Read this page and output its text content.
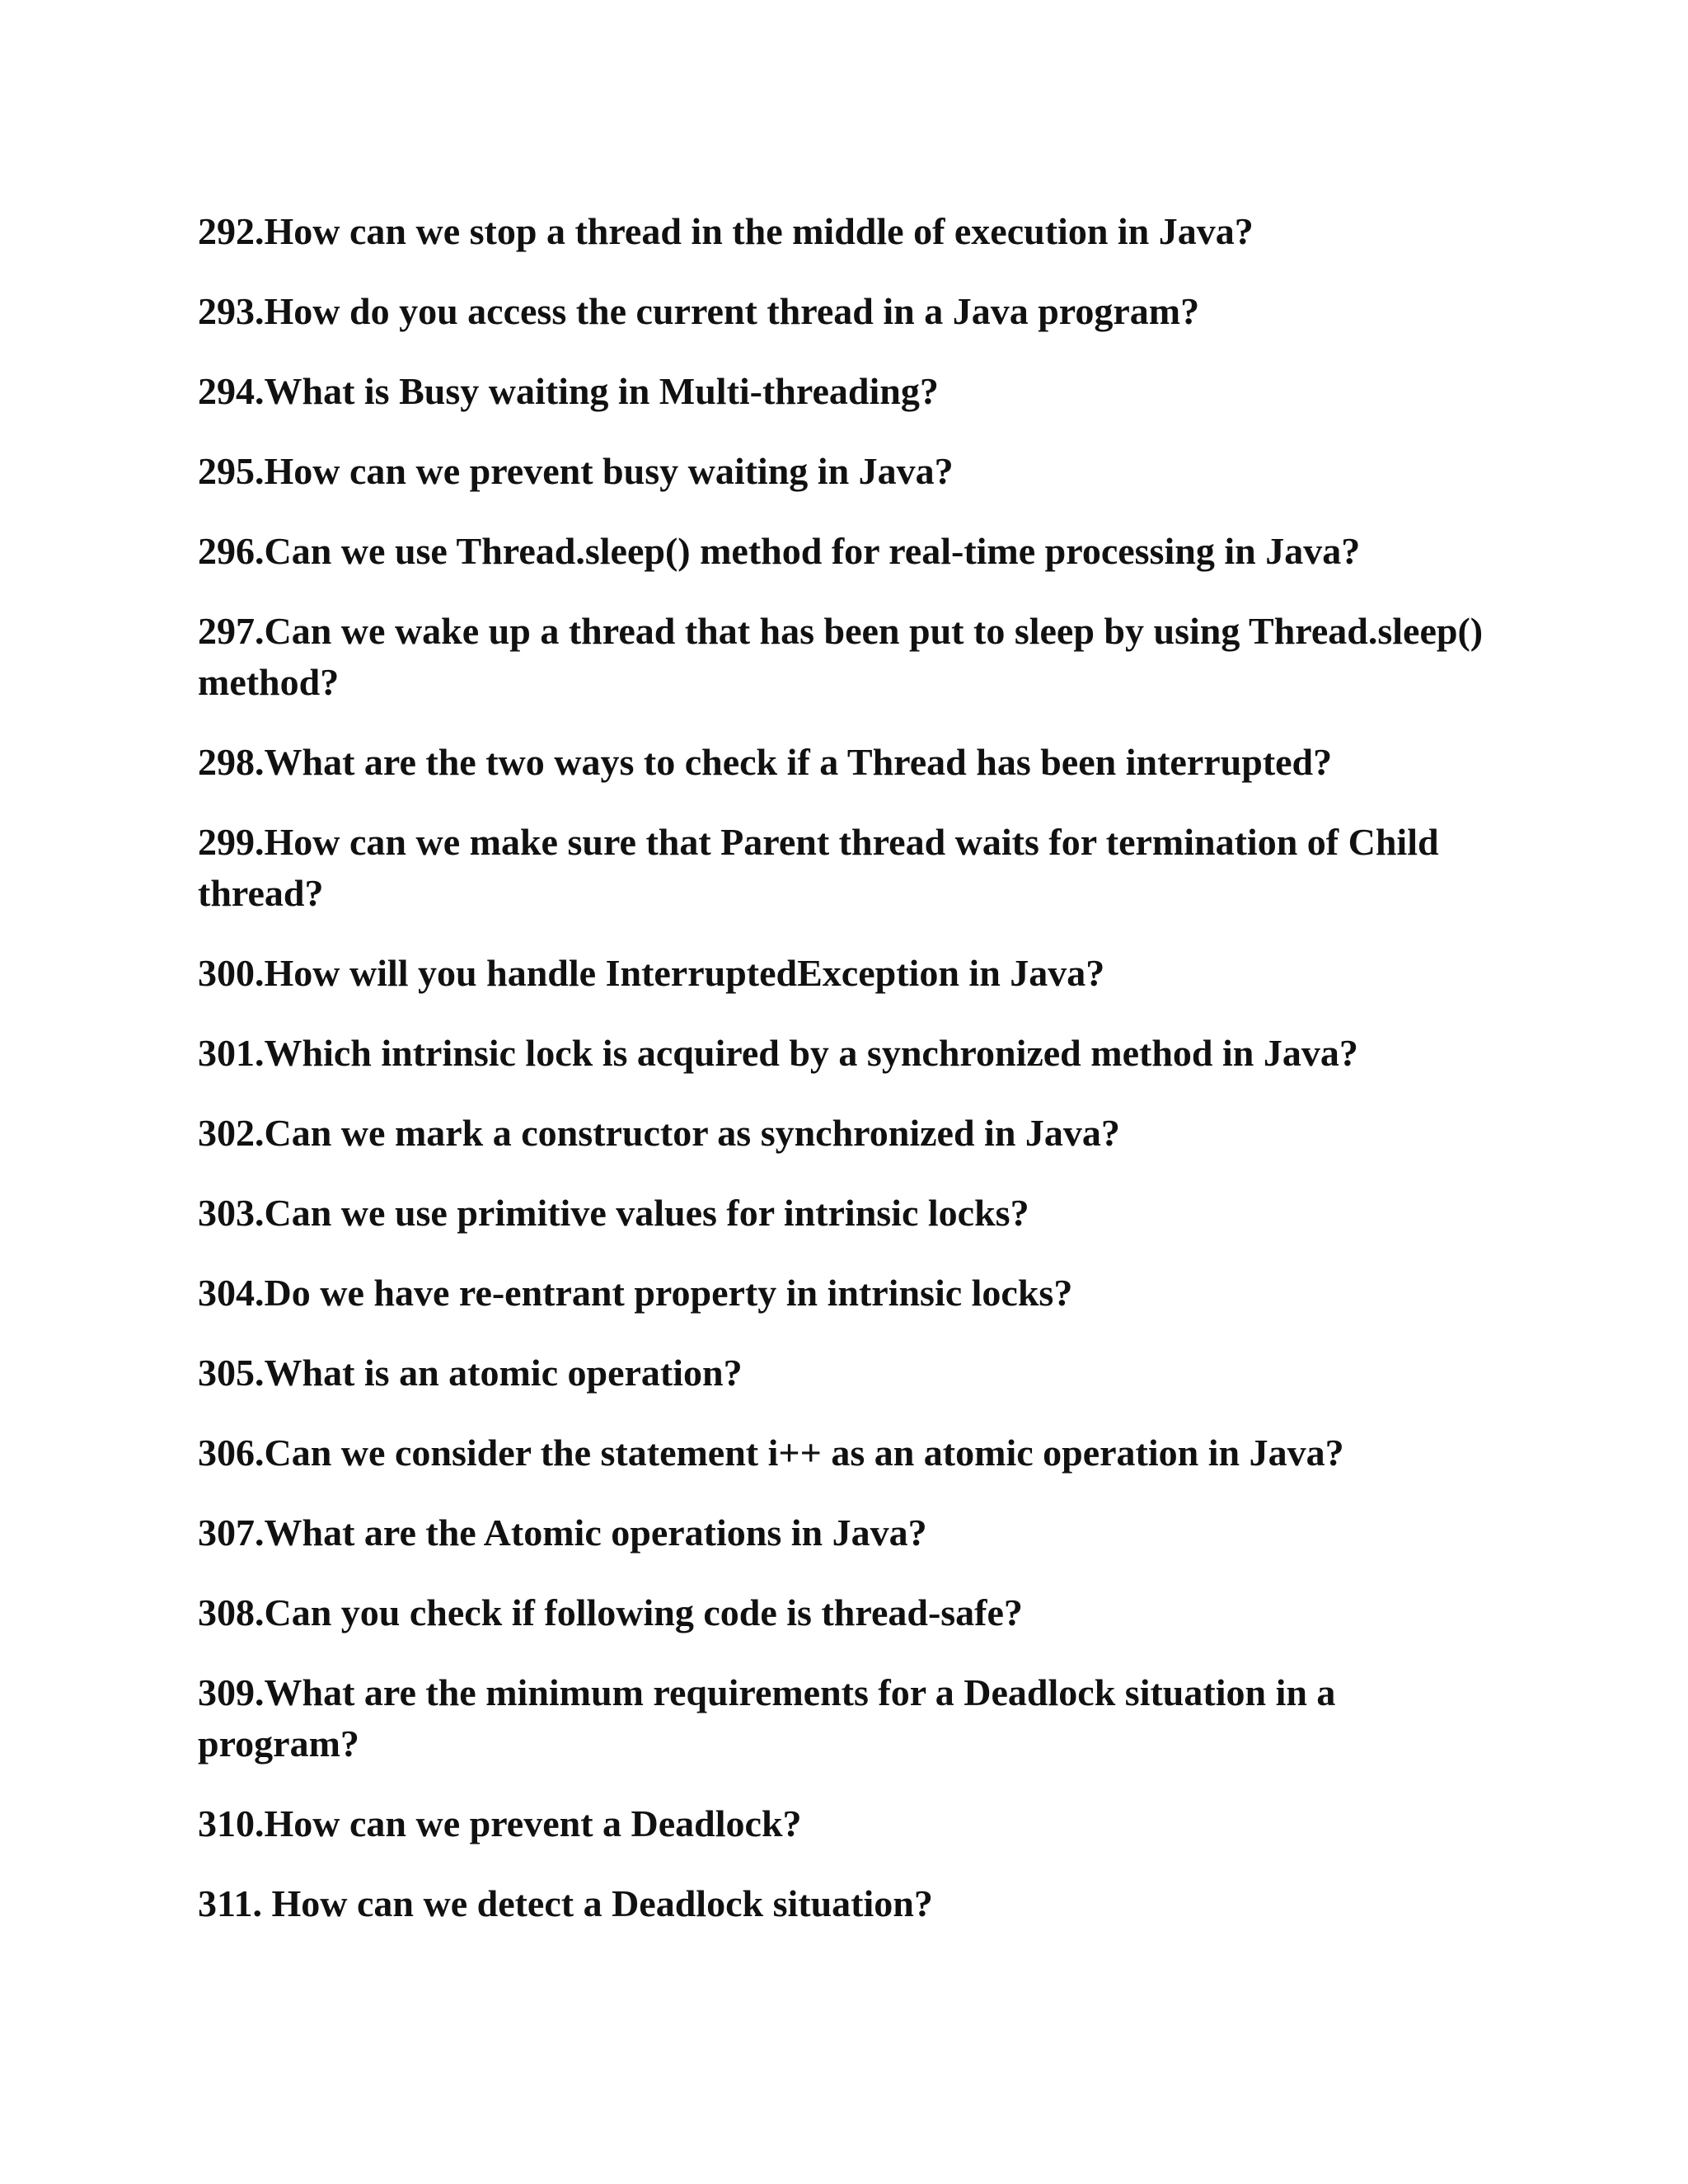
292.How can we stop a thread in the middle of execution in Java?
293.How do you access the current thread in a Java program?
294.What is Busy waiting in Multi-threading?
295.How can we prevent busy waiting in Java?
296.Can we use Thread.sleep() method for real-time processing in Java?
297.Can we wake up a thread that has been put to sleep by using Thread.sleep() method?
298.What are the two ways to check if a Thread has been interrupted?
299.How can we make sure that Parent thread waits for termination of Child thread?
300.How will you handle InterruptedException in Java?
301.Which intrinsic lock is acquired by a synchronized method in Java?
302.Can we mark a constructor as synchronized in Java?
303.Can we use primitive values for intrinsic locks?
304.Do we have re-entrant property in intrinsic locks?
305.What is an atomic operation?
306.Can we consider the statement i++ as an atomic operation in Java?
307.What are the Atomic operations in Java?
308.Can you check if following code is thread-safe?
309.What are the minimum requirements for a Deadlock situation in a program?
310.How can we prevent a Deadlock?
311. How can we detect a Deadlock situation?
